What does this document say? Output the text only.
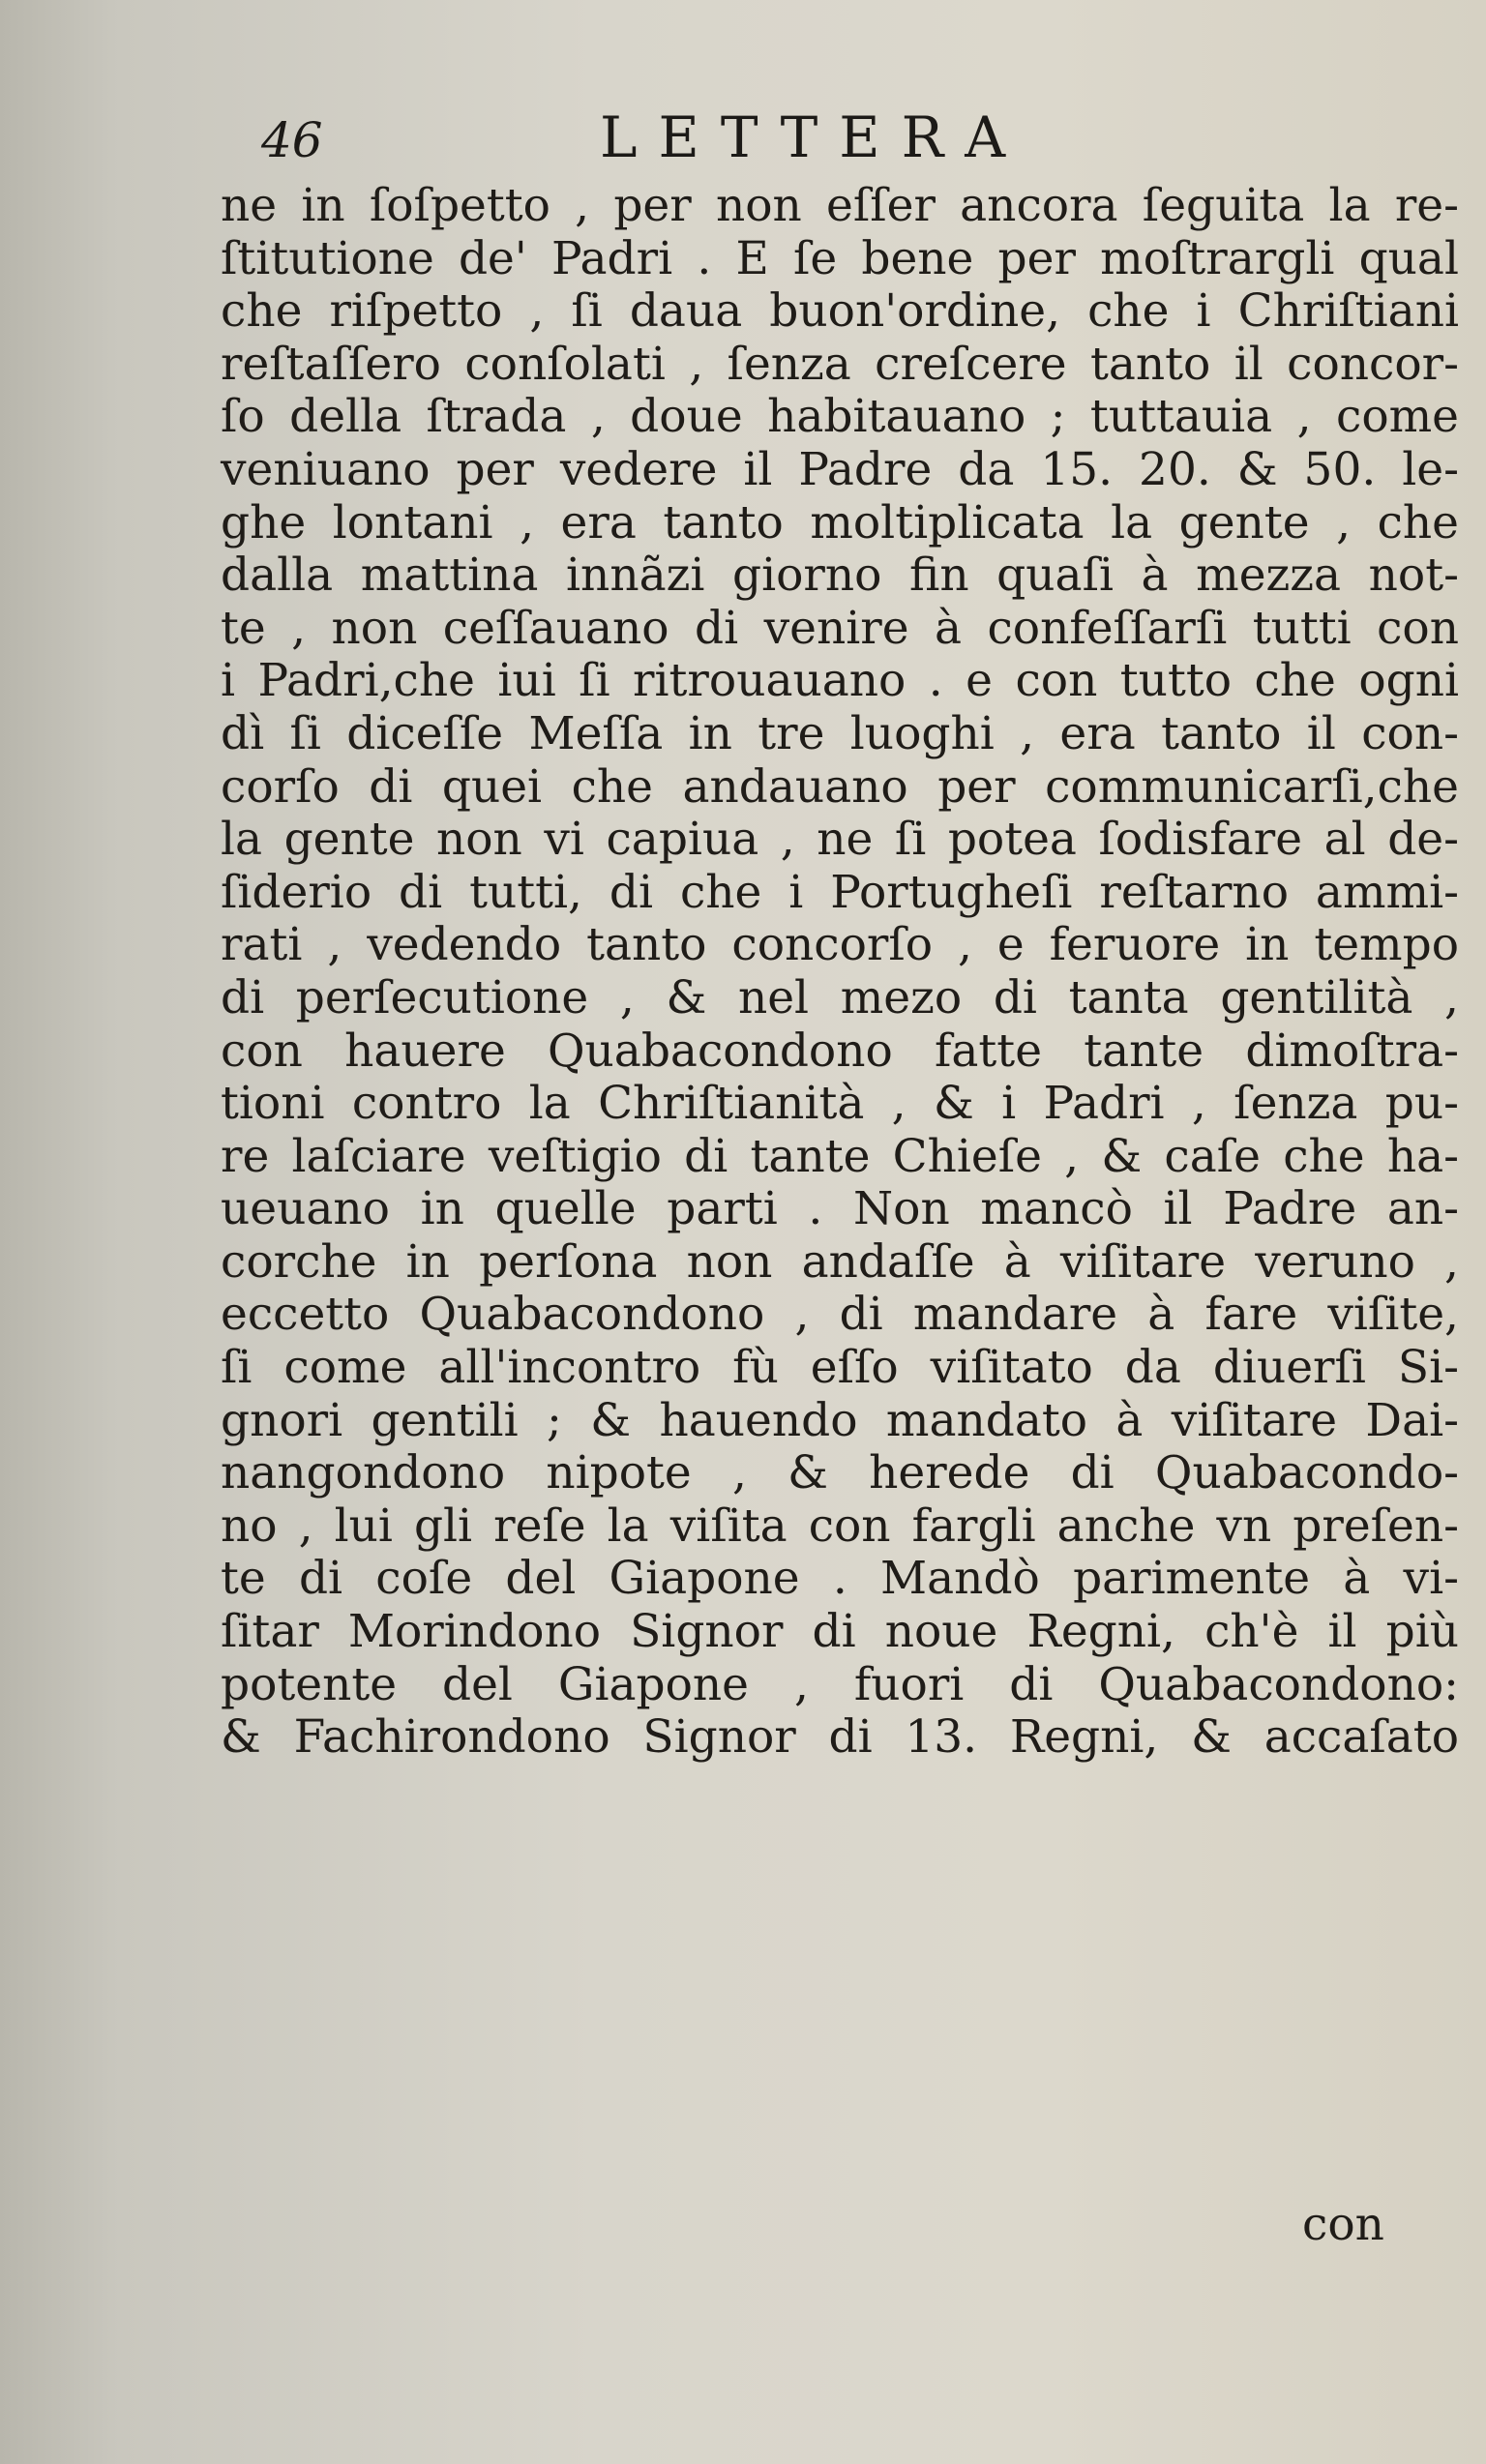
46	LETTERA
ne in ſoſpetto , per non eſſer ancora ſeguita la re-
ſtitutione de' Padri . E ſe bene per moſtrargli qual
che riſpetto , ſi daua buon'ordine, che i Chriſtiani
reſtaſſero conſolati , ſenza creſcere tanto il concor-
ſo della ſtrada , doue habitauano ; tuttauia , come
veniuano per vedere il Padre da 15. 20. & 50. le-
ghe lontani , era tanto moltiplicata la gente , che
dalla mattina innãzi giorno fin quaſi à mezza not-
te , non ceſſauano di venire à confeſſarſi tutti con
i Padri,che iui ſi ritrouauano . e con tutto che ogni
dì ſi diceſſe Meſſa in tre luoghi , era tanto il con-
corſo di quei che andauano per communicarſi,che
la gente non vi capiua , ne ſi potea ſodisfare al de-
ſiderio di tutti, di che i Portugheſi reſtarno ammi-
rati , vedendo tanto concorſo , e feruore in tempo
di perſecutione , & nel mezo di tanta gentilità ,
con hauere Quabacondono fatte tante dimoſtra-
tioni contro la Chriſtianità , & i Padri , ſenza pu-
re laſciare veſtigio di tante Chieſe , & caſe che ha-
ueuano in quelle parti . Non mancò il Padre an-
corche in perſona non andaſſe à viſitare veruno ,
eccetto Quabacondono , di mandare à fare viſite,
ſi come all'incontro fù eſſo viſitato da diuerſi Si-
gnori gentili ; & hauendo mandato à viſitare Dai-
nangondono nipote , & herede di Quabacondo-
no , lui gli reſe la viſita con fargli anche vn preſen-
te di coſe del Giapone . Mandò parimente à vi-
ſitar Morindono Signor di noue Regni, ch'è il più
potente del Giapone , fuori di Quabacondono:
& Fachirondono Signor di 13. Regni, & accaſato
con
